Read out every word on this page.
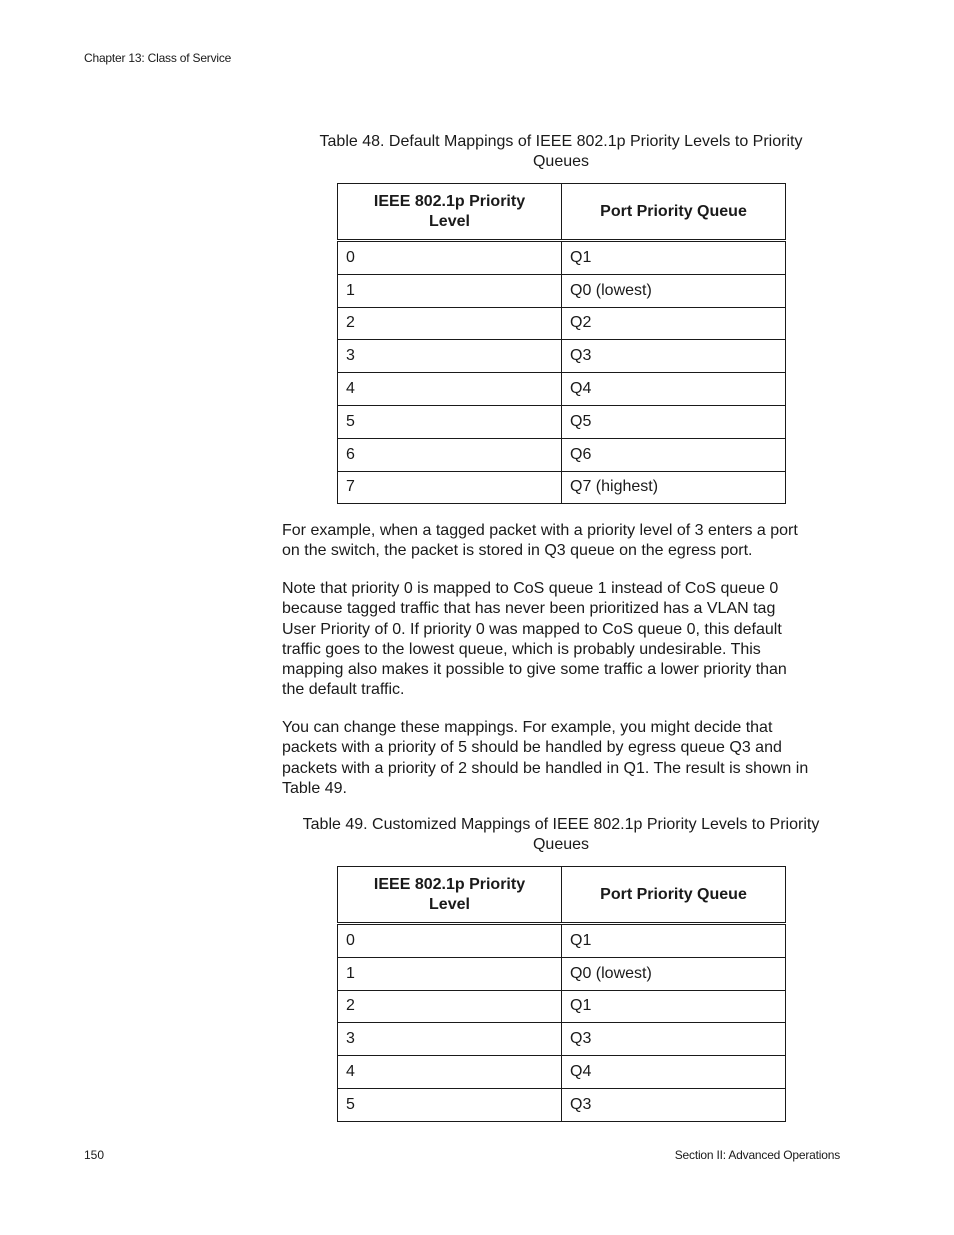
Chapter 13: Class of Service
Table 48. Default Mappings of IEEE 802.1p Priority Levels to Priority
Queues
IEEE 802.1p Priority
Level	Port Priority Queue
0	Q1
1	Q0 (lowest)
2	Q2
3	Q3
4	Q4
5	Q5
6	Q6
7	Q7 (highest)
For example, when a tagged packet with a priority level of 3 enters a port
on the switch, the packet is stored in Q3 queue on the egress port.
Note that priority 0 is mapped to CoS queue 1 instead of CoS queue 0
because tagged traffic that has never been prioritized has a VLAN tag
User Priority of 0. If priority 0 was mapped to CoS queue 0, this default
traffic goes to the lowest queue, which is probably undesirable. This
mapping also makes it possible to give some traffic a lower priority than
the default traffic.
You can change these mappings. For example, you might decide that
packets with a priority of 5 should be handled by egress queue Q3 and
packets with a priority of 2 should be handled in Q1. The result is shown in
Table 49.
Table 49. Customized Mappings of IEEE 802.1p Priority Levels to Priority
Queues
IEEE 802.1p Priority
Level	Port Priority Queue
0	Q1
1	Q0 (lowest)
2	Q1
3	Q3
4	Q4
5	Q3
150	Section II: Advanced Operations
